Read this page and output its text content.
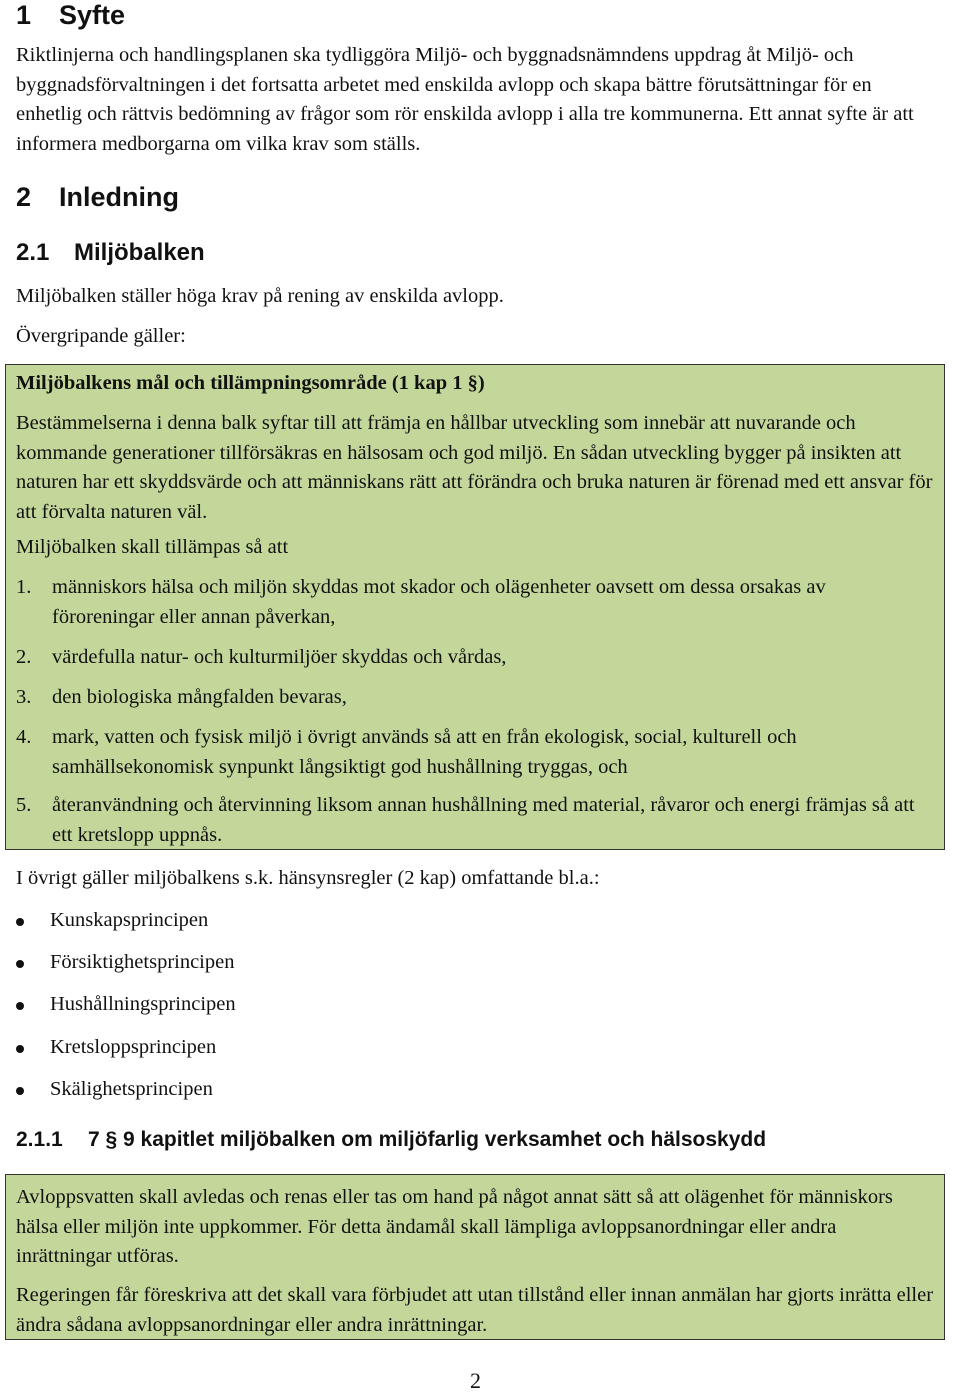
1 Syfte

Riktlinjerna och handlingsplanen ska tydliggöra Miljö- och byggnadsnämndens uppdrag åt Miljö- och byggnadsförvaltningen i det fortsatta arbetet med enskilda avlopp och skapa bättre förutsättningar för en enhetlig och rättvis bedömning av frågor som rör enskilda avlopp i alla tre kommunerna. Ett annat syfte är att informera medborgarna om vilka krav som ställs.

2 Inledning
2.1 Miljöbalken

Miljöbalken ställer höga krav på rening av enskilda avlopp.

Övergripande gäller:

Miljöbalkens mål och tillämpningsområde (1 kap 1 §)

Bestämmelserna i denna balk syftar till att främja en hållbar utveckling som innebär att nuvarande och kommande generationer tillförsäkras en hälsosam och god miljö. En sådan utveckling bygger på insikten att naturen har ett skyddsvärde och att människans rätt att förändra och bruka naturen är förenad med ett ansvar för att förvalta naturen väl.

Miljöbalken skall tillämpas så att

1. människors hälsa och miljön skyddas mot skador och olägenheter oavsett om dessa orsakas av föroreningar eller annan påverkan,
2. värdefulla natur- och kulturmiljöer skyddas och vårdas,
3. den biologiska mångfalden bevaras,
4. mark, vatten och fysisk miljö i övrigt används så att en från ekologisk, social, kulturell och samhällsekonomisk synpunkt långsiktigt god hushållning tryggas, och
5. återanvändning och återvinning liksom annan hushållning med material, råvaror och energi främjas så att ett kretslopp uppnås.

I övrigt gäller miljöbalkens s.k. hänsynsregler (2 kap) omfattande bl.a.:

Kunskapsprincipen
Försiktighetsprincipen
Hushållningsprincipen
Kretsloppsprincipen
Skälighetsprincipen
2.1.1 7 § 9 kapitlet miljöbalken om miljöfarlig verksamhet och hälsoskydd

Avloppsvatten skall avledas och renas eller tas om hand på något annat sätt så att olägenhet för människors hälsa eller miljön inte uppkommer. För detta ändamål skall lämpliga avloppsanordningar eller andra inrättningar utföras.

Regeringen får föreskriva att det skall vara förbjudet att utan tillstånd eller innan anmälan har gjorts inrätta eller ändra sådana avloppsanordningar eller andra inrättningar.

2
